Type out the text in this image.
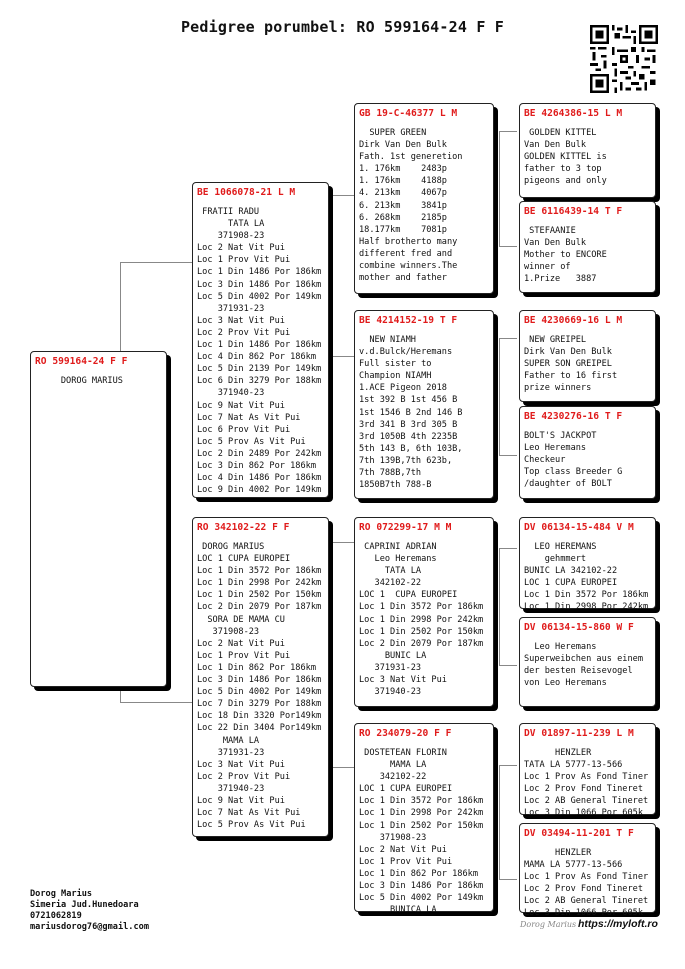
Pedigree porumbel: RO 599164-24 F F
RO 599164-24 F F
DOROG MARIUS
BE 1066078-21 L M
FRATII RADU
TATA LA
371908-23
Loc 2 Nat Vit Pui
Loc 1 Prov Vit Pui
Loc 1 Din 1486 Por 186km
Loc 3 Din 1486 Por 186km
Loc 5 Din 4002 Por 149km
371931-23
Loc 3 Nat Vit Pui
Loc 2 Prov Vit Pui
Loc 1 Din 1486 Por 186km
Loc 4 Din 862 Por 186km
Loc 5 Din 2139 Por 149km
Loc 6 Din 3279 Por 188km
371940-23
Loc 9 Nat Vit Pui
Loc 7 Nat As Vit Pui
Loc 6 Prov Vit Pui
Loc 5 Prov As Vit Pui
Loc 2 Din 2489 Por 242km
Loc 3 Din 862 Por 186km
Loc 4 Din 1486 Por 186km
Loc 9 Din 4002 Por 149km
RO 342102-22 F F
DOROG MARIUS
LOC 1 CUPA EUROPEI
Loc 1 Din 3572 Por 186km
Loc 1 Din 2998 Por 242km
Loc 1 Din 2502 Por 150km
Loc 2 Din 2079 Por 187km
SORA DE MAMA CU
371908-23
Loc 2 Nat Vit Pui
Loc 1 Prov Vit Pui
Loc 1 Din 862 Por 186km
Loc 3 Din 1486 Por 186km
Loc 5 Din 4002 Por 149km
Loc 7 Din 3279 Por 188km
Loc 18 Din 3320 Por149km
Loc 22 Din 3404 Por149km
MAMA LA
371931-23
Loc 3 Nat Vit Pui
Loc 2 Prov Vit Pui
371940-23
Loc 9 Nat Vit Pui
Loc 7 Nat As Vit Pui
Loc 5 Prov As Vit Pui
GB 19-C-46377 L M
SUPER GREEN
Dirk Van Den Bulk
Fath. 1st generetion
1. 176km    2483p
1. 176km    4188p
4. 213km    4067p
6. 213km    3841p
6. 268km    2185p
18.177km    7081p
Half brotherto many
different fred and
combine winners.The
mother and father
BE 4214152-19 T F
NEW NIAMH
v.d.Bulck/Heremans
Full sister to
Champion NIAMH
1.ACE Pigeon 2018
1st 392 B 1st 456 B
1st 1546 B 2nd 146 B
3rd 341 B 3rd 305 B
3rd 1050B 4th 2235B
5th 143 B, 6th 103B,
7th 139B,7th 623b,
7th 788B,7th
1850B7th 788-B
RO 072299-17 M M
CAPRINI ADRIAN
Leo Heremans
TATA LA
342102-22
LOC 1  CUPA EUROPEI
Loc 1 Din 3572 Por 186km
Loc 1 Din 2998 Por 242km
Loc 1 Din 2502 Por 150km
Loc 2 Din 2079 Por 187km
BUNIC LA
371931-23
Loc 3 Nat Vit Pui
371940-23
RO 234079-20 F F
DOSTETEAN FLORIN
MAMA LA
342102-22
LOC 1 CUPA EUROPEI
Loc 1 Din 3572 Por 186km
Loc 1 Din 2998 Por 242km
Loc 1 Din 2502 Por 150km
371908-23
Loc 2 Nat Vit Pui
Loc 1 Prov Vit Pui
Loc 1 Din 862 Por 186km
Loc 3 Din 1486 Por 186km
Loc 5 Din 4002 Por 149km
BUNICA LA
BE 4264386-15 L M
GOLDEN KITTEL
Van Den Bulk
GOLDEN KITTEL is
father to 3 top
pigeons and only
BE 6116439-14 T F
STEFAANIE
Van Den Bulk
Mother to ENCORE
winner of
1.Prize   3887
BE 4230669-16 L M
NEW GREIPEL
Dirk Van Den Bulk
SUPER SON GREIPEL
Father to 16 first
prize winners
BE 4230276-16 T F
BOLT'S JACKPOT
Leo Heremans
Checkeur
Top class Breeder G
/daughter of BOLT
DV 06134-15-484 V M
LEO HEREMANS
gehmmert
BUNIC LA 342102-22
LOC 1 CUPA EUROPEI
Loc 1 Din 3572 Por 186km
Loc 1 Din 2998 Por 242km
DV 06134-15-860 W F
Leo Heremans
Superweibchen aus einem
der besten Reisevogel
von Leo Heremans
DV 01897-11-239 L M
HENZLER
TATA LA 5777-13-566
Loc 1 Prov As Fond Tiner
Loc 2 Prov Fond Tineret
Loc 2 AB General Tineret
Loc 3 Din 1066 Por 605k
DV 03494-11-201 T F
HENZLER
MAMA LA 5777-13-566
Loc 1 Prov As Fond Tiner
Loc 2 Prov Fond Tineret
Loc 2 AB General Tineret
Loc 3 Din 1066 Por 605k
Dorog Marius
Simeria Jud.Hunedoara
0721062819
mariusdorog76@gmail.com	Dorog Marius https://myloft.ro
